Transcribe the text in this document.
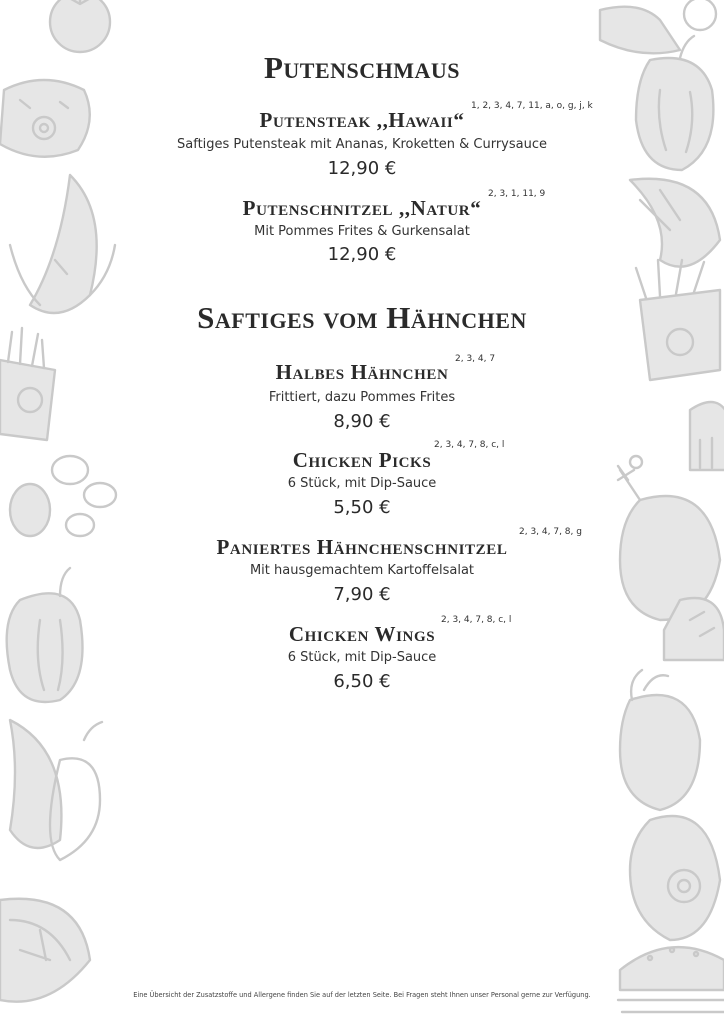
Putenschmaus
Putensteak ,,Hawaii“
1, 2, 3, 4, 7, 11, a, o, g, j, k
Saftiges Putensteak mit Ananas, Kroketten & Currysauce
12,90 €
Putenschnitzel ,,Natur“
2, 3, 1, 11, 9
Mit Pommes Frites & Gurkensalat
12,90 €
Saftiges vom Hähnchen
Halbes Hähnchen
2, 3, 4, 7
Frittiert, dazu Pommes Frites
8,90 €
Chicken Picks
2, 3, 4, 7, 8, c, l
6 Stück, mit Dip-Sauce
5,50 €
Paniertes Hähnchenschnitzel
2, 3, 4, 7, 8, g
Mit hausgemachtem Kartoffelsalat
7,90 €
Chicken Wings
2, 3, 4, 7, 8, c, l
6 Stück, mit Dip-Sauce
6,50 €
Eine Übersicht der Zusatzstoffe und Allergene finden Sie auf der letzten Seite. Bei Fragen steht Ihnen unser Personal gerne zur Verfügung.
